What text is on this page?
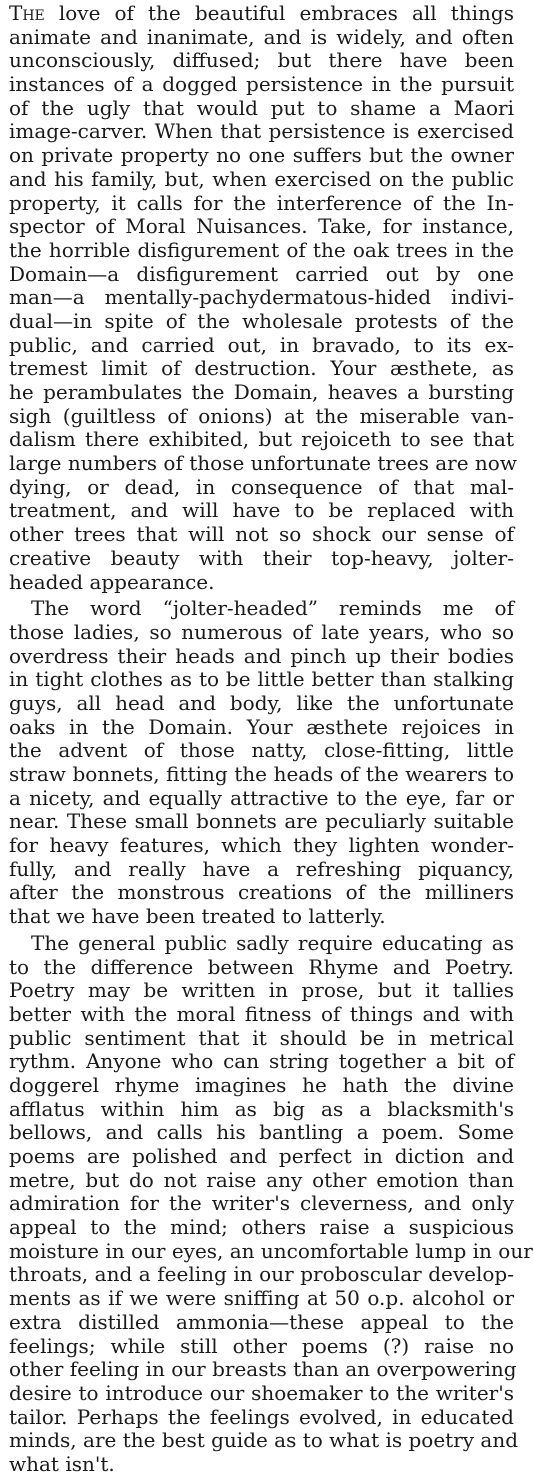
The love of the beautiful embraces all things
animate and inanimate, and is widely, and often
unconsciously, diffused; but there have been
instances of a dogged persistence in the pursuit
of the ugly that would put to shame a Maori
image-carver. When that persistence is exercised
on private property no one suffers but the owner
and his family, but, when exercised on the public
property, it calls for the interference of the In-
spector of Moral Nuisances. Take, for instance,
the horrible disfigurement of the oak trees in the
Domain—a disfigurement carried out by one
man—a mentally-pachydermatous-hided indivi-
dual—in spite of the wholesale protests of the
public, and carried out, in bravado, to its ex-
tremest limit of destruction. Your æsthete, as
he perambulates the Domain, heaves a bursting
sigh (guiltless of onions) at the miserable van-
dalism there exhibited, but rejoiceth to see that
large numbers of those unfortunate trees are now
dying, or dead, in consequence of that mal-
treatment, and will have to be replaced with
other trees that will not so shock our sense of
creative beauty with their top-heavy, jolter-
headed appearance.
The word “jolter-headed” reminds me of
those ladies, so numerous of late years, who so
overdress their heads and pinch up their bodies
in tight clothes as to be little better than stalking
guys, all head and body, like the unfortunate
oaks in the Domain. Your æsthete rejoices in
the advent of those natty, close-fitting, little
straw bonnets, fitting the heads of the wearers to
a nicety, and equally attractive to the eye, far or
near. These small bonnets are peculiarly suitable
for heavy features, which they lighten wonder-
fully, and really have a refreshing piquancy,
after the monstrous creations of the milliners
that we have been treated to latterly.
The general public sadly require educating as
to the difference between Rhyme and Poetry.
Poetry may be written in prose, but it tallies
better with the moral fitness of things and with
public sentiment that it should be in metrical
rythm. Anyone who can string together a bit of
doggerel rhyme imagines he hath the divine
afflatus within him as big as a blacksmith's
bellows, and calls his bantling a poem. Some
poems are polished and perfect in diction and
metre, but do not raise any other emotion than
admiration for the writer's cleverness, and only
appeal to the mind; others raise a suspicious
moisture in our eyes, an uncomfortable lump in our
throats, and a feeling in our proboscular develop-
ments as if we were sniffing at 50 o.p. alcohol or
extra distilled ammonia—these appeal to the
feelings; while still other poems (?) raise no
other feeling in our breasts than an overpowering
desire to introduce our shoemaker to the writer's
tailor. Perhaps the feelings evolved, in educated
minds, are the best guide as to what is poetry and
what isn't.
